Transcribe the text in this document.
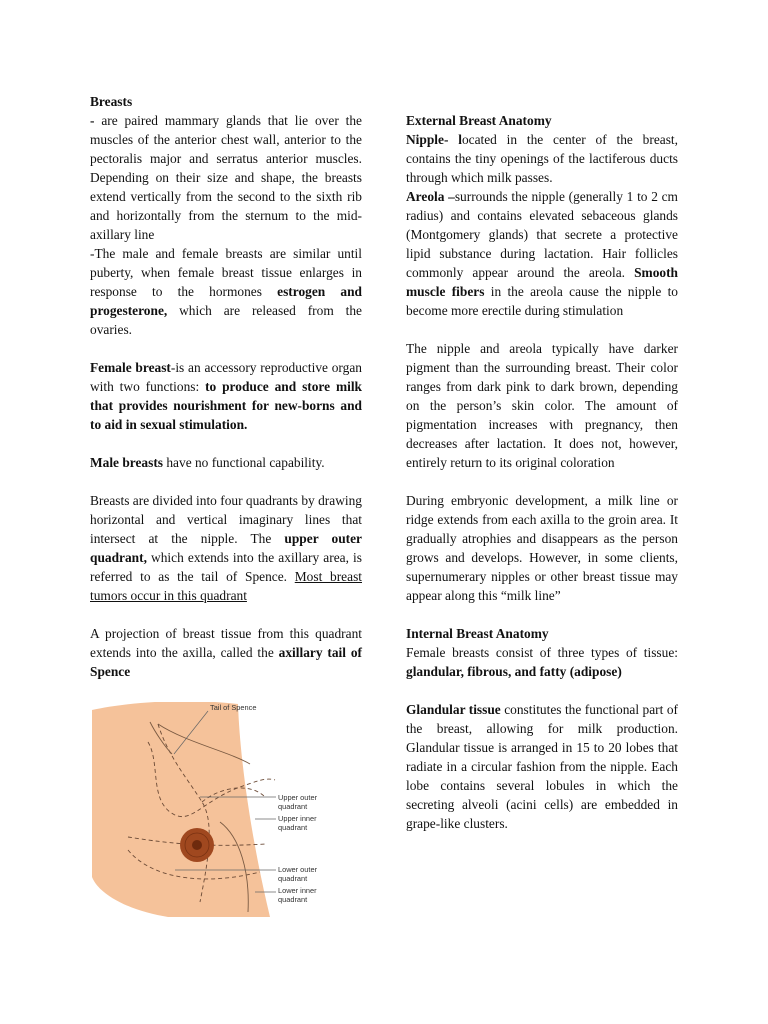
Breasts

- are paired mammary glands that lie over the muscles of the anterior chest wall, anterior to the pectoralis major and serratus anterior muscles. Depending on their size and shape, the breasts extend vertically from the second to the sixth rib and horizontally from the sternum to the mid-axillary line

-The male and female breasts are similar until puberty, when female breast tissue enlarges in response to the hormones estrogen and progesterone, which are released from the ovaries.

Female breast-is an accessory reproductive organ with two functions: to produce and store milk that provides nourishment for new-borns and to aid in sexual stimulation.

Male breasts have no functional capability.

Breasts are divided into four quadrants by drawing horizontal and vertical imaginary lines that intersect at the nipple. The upper outer quadrant, which extends into the axillary area, is referred to as the tail of Spence. Most breast tumors occur in this quadrant

A projection of breast tissue from this quadrant extends into the axilla, called the axillary tail of Spence

Tail of Spence
Upper outer
quadrant
Upper inner
quadrant
Lower outer
quadrant
Lower inner
quadrant

External Breast Anatomy

Nipple- located in the center of the breast, contains the tiny openings of the lactiferous ducts through which milk passes.

Areola –surrounds the nipple (generally 1 to 2 cm radius) and contains elevated sebaceous glands (Montgomery glands) that secrete a protective lipid substance during lactation. Hair follicles commonly appear around the areola. Smooth muscle fibers in the areola cause the nipple to become more erectile during stimulation

The nipple and areola typically have darker pigment than the surrounding breast. Their color ranges from dark pink to dark brown, depending on the person’s skin color. The amount of pigmentation increases with pregnancy, then decreases after lactation. It does not, however, entirely return to its original coloration

During embryonic development, a milk line or ridge extends from each axilla to the groin area. It gradually atrophies and disappears as the person grows and develops. However, in some clients, supernumerary nipples or other breast tissue may appear along this “milk line”

Internal Breast Anatomy

Female breasts consist of three types of tissue: glandular, fibrous, and fatty (adipose)

Glandular tissue constitutes the functional part of the breast, allowing for milk production. Glandular tissue is arranged in 15 to 20 lobes that radiate in a circular fashion from the nipple. Each lobe contains several lobules in which the secreting alveoli (acini cells) are embedded in grape-like clusters.
